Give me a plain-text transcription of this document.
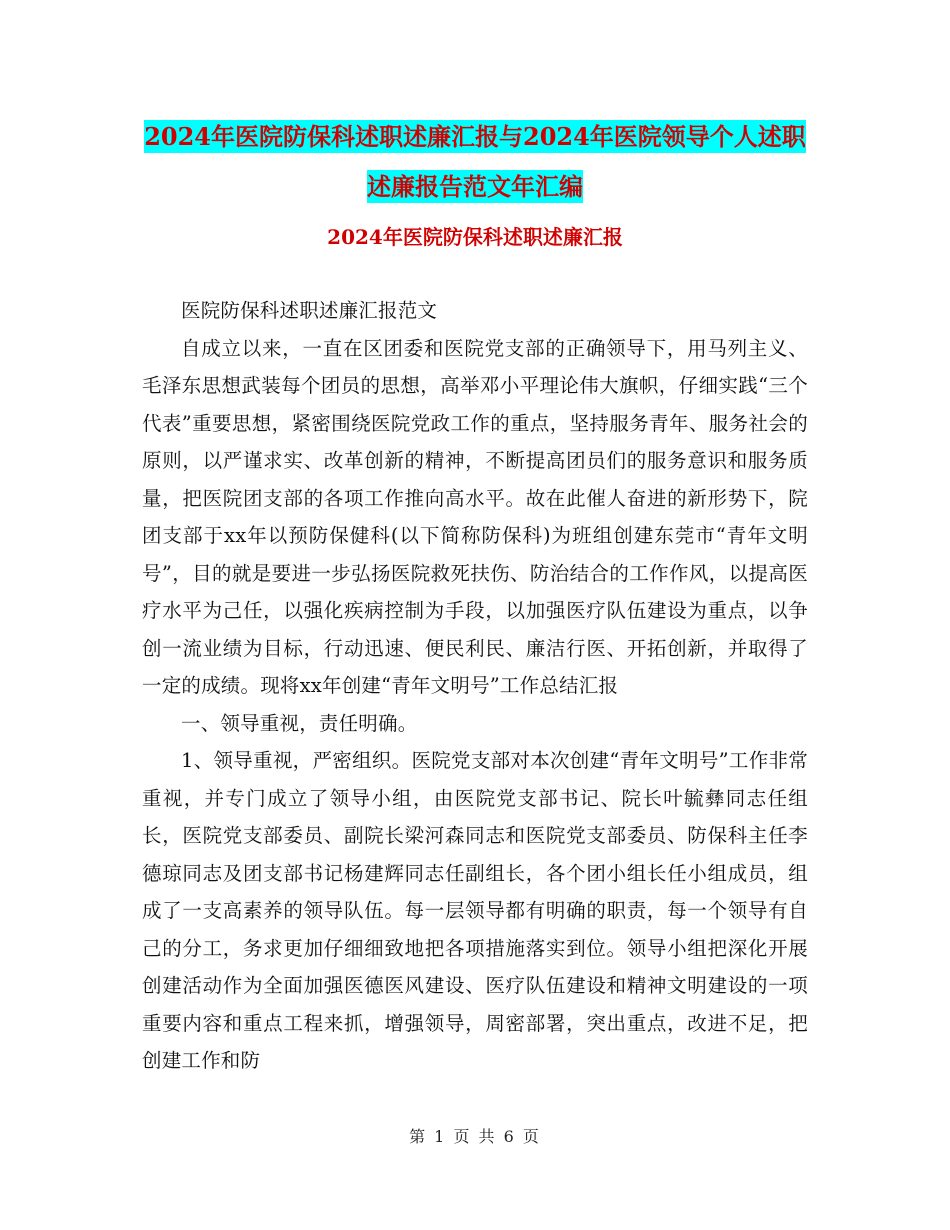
2024年医院防保科述职述廉汇报与2024年医院领导个人述职述廉报告范文年汇编
2024年医院防保科述职述廉汇报

医院防保科述职述廉汇报范文

自成立以来，一直在区团委和医院党支部的正确领导下，用马列主义、毛泽东思想武装每个团员的思想，高举邓小平理论伟大旗帜，仔细实践“三个代表”重要思想，紧密围绕医院党政工作的重点，坚持服务青年、服务社会的原则，以严谨求实、改革创新的精神，不断提高团员们的服务意识和服务质量，把医院团支部的各项工作推向高水平。故在此催人奋进的新形势下，院团支部于xx年以预防保健科(以下简称防保科)为班组创建东莞市“青年文明号”，目的就是要进一步弘扬医院救死扶伤、防治结合的工作作风，以提高医疗水平为己任，以强化疾病控制为手段，以加强医疗队伍建设为重点，以争创一流业绩为目标，行动迅速、便民利民、廉洁行医、开拓创新，并取得了一定的成绩。现将xx年创建“青年文明号”工作总结汇报

一、领导重视，责任明确。

1、领导重视，严密组织。医院党支部对本次创建“青年文明号”工作非常重视，并专门成立了领导小组，由医院党支部书记、院长叶毓彝同志任组长，医院党支部委员、副院长梁河森同志和医院党支部委员、防保科主任李德琼同志及团支部书记杨建辉同志任副组长，各个团小组长任小组成员，组成了一支高素养的领导队伍。每一层领导都有明确的职责，每一个领导有自己的分工，务求更加仔细细致地把各项措施落实到位。领导小组把深化开展创建活动作为全面加强医德医风建设、医疗队伍建设和精神文明建设的一项重要内容和重点工程来抓，增强领导，周密部署，突出重点，改进不足，把创建工作和防

第 1 页 共 6 页
